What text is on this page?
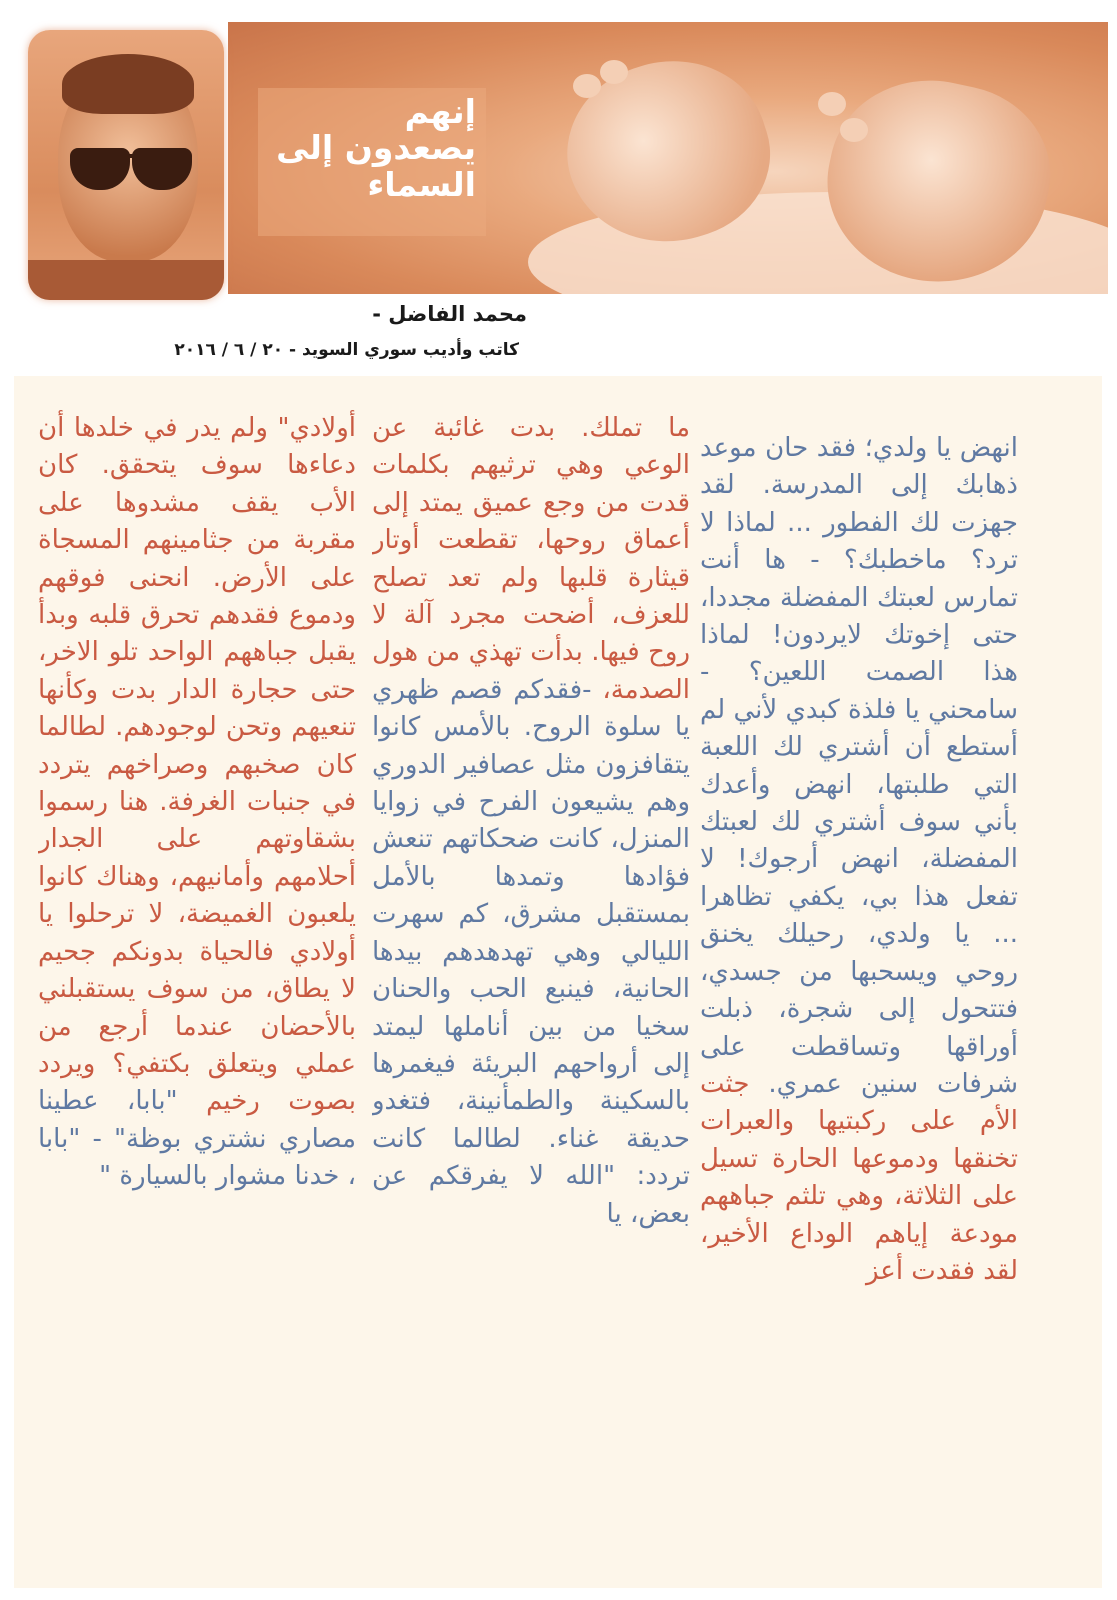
إنهم
يصعدون إلى
السماء
محمد الفاضل -
كاتب وأديب سوري السويد - ٢٠ / ٦ / ٢٠١٦

انهض يا ولدي؛ فقد حان موعد ذهابك إلى المدرسة. لقد جهزت لك الفطور ... لماذا لا ترد؟ ماخطبك؟ - ها أنت تمارس لعبتك المفضلة مجددا، حتى إخوتك لايردون! لماذا هذا الصمت اللعين؟ - سامحني يا فلذة كبدي لأني لم أستطع أن أشتري لك اللعبة التي طلبتها، انهض وأعدك بأني سوف أشتري لك لعبتك المفضلة، انهض أرجوك! لا تفعل هذا بي، يكفي تظاهرا ... يا ولدي، رحيلك يخنق روحي ويسحبها من جسدي، فتتحول إلى شجرة، ذبلت أوراقها وتساقطت على شرفات سنين عمري. جثت الأم على ركبتيها والعبرات تخنقها ودموعها الحارة تسيل على الثلاثة، وهي تلثم جباههم مودعة إياهم الوداع الأخير، لقد فقدت أعز

ما تملك. بدت غائبة عن الوعي وهي ترثيهم بكلمات قدت من وجع عميق يمتد إلى أعماق روحها، تقطعت أوتار قيثارة قلبها ولم تعد تصلح للعزف، أضحت مجرد آلة لا روح فيها. بدأت تهذي من هول الصدمة، -فقدكم قصم ظهري يا سلوة الروح. بالأمس كانوا يتقافزون مثل عصافير الدوري وهم يشيعون الفرح في زوايا المنزل، كانت ضحكاتهم تنعش فؤادها وتمدها بالأمل بمستقبل مشرق، كم سهرت الليالي وهي تهدهدهم بيدها الحانية، فينبع الحب والحنان سخيا من بين أناملها ليمتد إلى أرواحهم البريئة فيغمرها بالسكينة والطمأنينة، فتغدو حديقة غناء. لطالما كانت تردد: "الله لا يفرقكم عن بعض، يا

أولادي" ولم يدر في خلدها أن دعاءها سوف يتحقق. كان الأب يقف مشدوها على مقربة من جثامينهم المسجاة على الأرض. انحنى فوقهم ودموع فقدهم تحرق قلبه وبدأ يقبل جباههم الواحد تلو الاخر، حتى حجارة الدار بدت وكأنها تنعيهم وتحن لوجودهم. لطالما كان صخبهم وصراخهم يتردد في جنبات الغرفة. هنا رسموا بشقاوتهم على الجدار أحلامهم وأمانيهم، وهناك كانوا يلعبون الغميضة، لا ترحلوا يا أولادي فالحياة بدونكم جحيم لا يطاق، من سوف يستقبلني بالأحضان عندما أرجع من عملي ويتعلق بكتفي؟ ويردد بصوت رخيم "بابا، عطينا مصاري نشتري بوظة" - "بابا ، خدنا مشوار بالسيارة "
